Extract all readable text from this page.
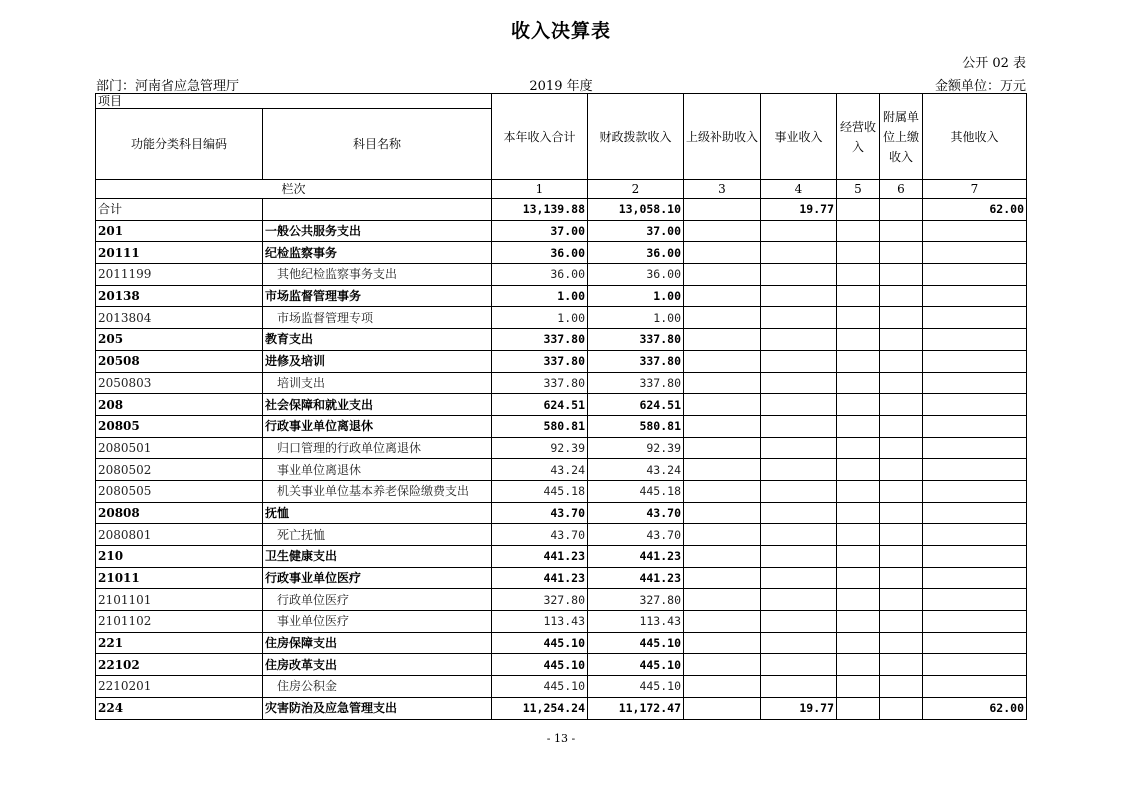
收入决算表
公开 02 表
部门：河南省应急管理厅	2019 年度	金额单位：万元
项目		本年收入合计	财政拨款收入	上级补助收入	事业收入	经营收入	附属单位上缴收入	其他收入
功能分类科目编码	科目名称							
栏次		1	2	3	4	5	6	7
合计		13,139.88	13,058.10		19.77			62.00
201	一般公共服务支出	37.00	37.00					
20111	纪检监察事务	36.00	36.00					
2011199	其他纪检监察事务支出	36.00	36.00					
20138	市场监督管理事务	1.00	1.00					
2013804	市场监督管理专项	1.00	1.00					
205	教育支出	337.80	337.80					
20508	进修及培训	337.80	337.80					
2050803	培训支出	337.80	337.80					
208	社会保障和就业支出	624.51	624.51					
20805	行政事业单位离退休	580.81	580.81					
2080501	归口管理的行政单位离退休	92.39	92.39					
2080502	事业单位离退休	43.24	43.24					
2080505	机关事业单位基本养老保险缴费支出	445.18	445.18					
20808	抚恤	43.70	43.70					
2080801	死亡抚恤	43.70	43.70					
210	卫生健康支出	441.23	441.23					
21011	行政事业单位医疗	441.23	441.23					
2101101	行政单位医疗	327.80	327.80					
2101102	事业单位医疗	113.43	113.43					
221	住房保障支出	445.10	445.10					
22102	住房改革支出	445.10	445.10					
2210201	住房公积金	445.10	445.10					
224	灾害防治及应急管理支出	11,254.24	11,172.47		19.77			62.00
- 13 -
